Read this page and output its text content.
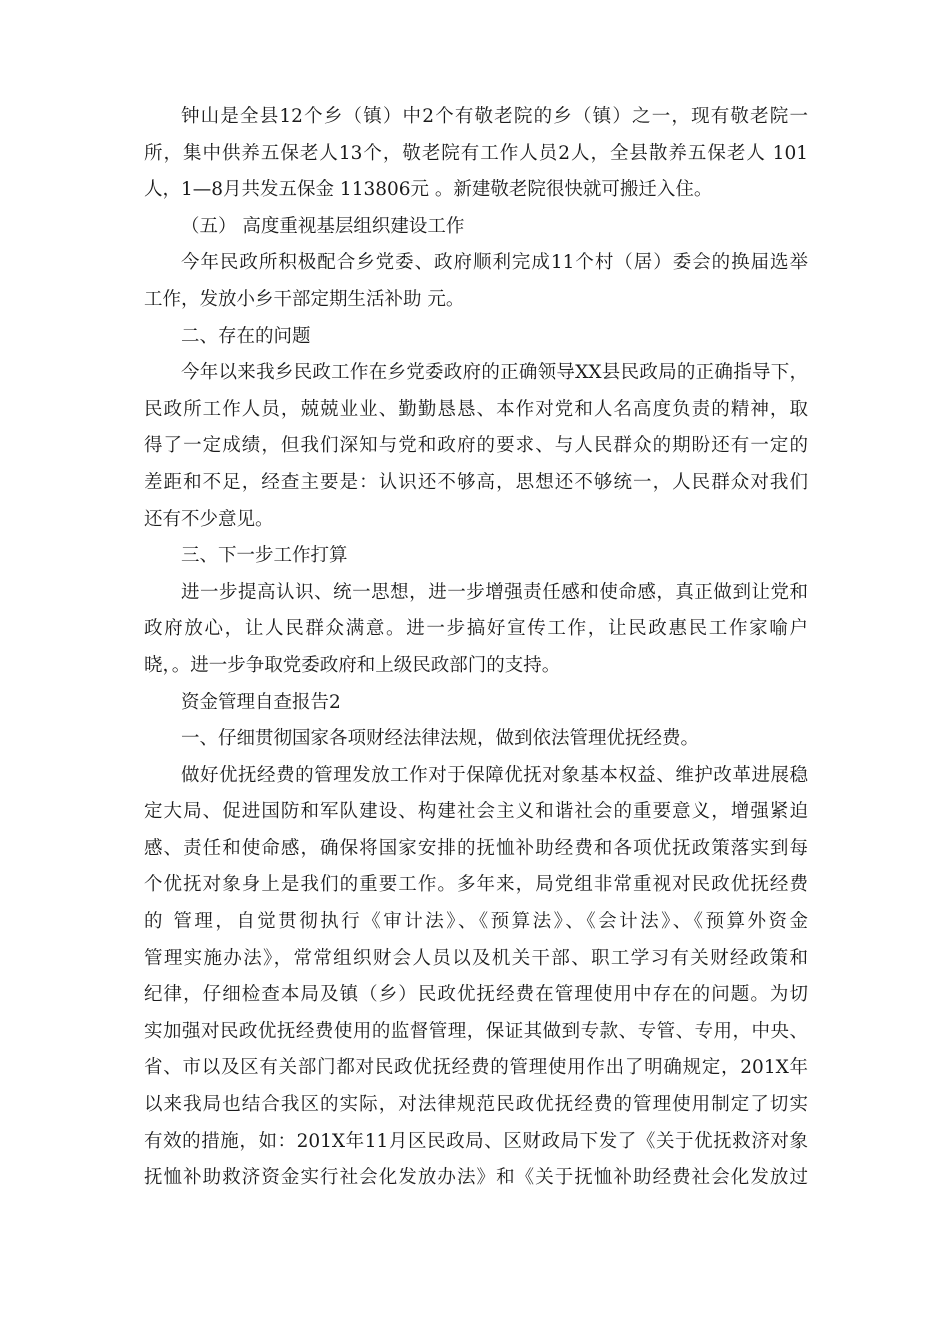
钟山是全县12个乡（镇）中2个有敬老院的乡（镇）之一，现有敬老院一
所，集中供养五保老人13个，敬老院有工作人员2人，全县散养五保老人 101
人，1—8月共发五保金 113806元 。新建敬老院很快就可搬迁入住。
（五） 高度重视基层组织建设工作
今年民政所积极配合乡党委、政府顺利完成11个村（居）委会的换届选举
工作，发放小乡干部定期生活补助 元。
二、存在的问题
今年以来我乡民政工作在乡党委政府的正确领导XX县民政局的正确指导下，
民政所工作人员，兢兢业业、勤勤恳恳、本作对党和人名高度负责的精神，取
得了一定成绩，但我们深知与党和政府的要求、与人民群众的期盼还有一定的
差距和不足，经查主要是：认识还不够高，思想还不够统一，人民群众对我们
还有不少意见。
三、下一步工作打算
进一步提高认识、统一思想，进一步增强责任感和使命感，真正做到让党和
政府放心，让人民群众满意。进一步搞好宣传工作，让民政惠民工作家喻户
晓，。进一步争取党委政府和上级民政部门的支持。
资金管理自查报告2
一、仔细贯彻国家各项财经法律法规，做到依法管理优抚经费。
做好优抚经费的管理发放工作对于保障优抚对象基本权益、维护改革进展稳
定大局、促进国防和军队建设、构建社会主义和谐社会的重要意义，增强紧迫
感、责任和使命感，确保将国家安排的抚恤补助经费和各项优抚政策落实到每
个优抚对象身上是我们的重要工作。多年来，局党组非常重视对民政优抚经费
的 管理，自觉贯彻执行《审计法》、《预算法》、《会计法》、《预算外资金
管理实施办法》，常常组织财会人员以及机关干部、职工学习有关财经政策和
纪律，仔细检查本局及镇（乡）民政优抚经费在管理使用中存在的问题。为切
实加强对民政优抚经费使用的监督管理，保证其做到专款、专管、专用，中央、
省、市以及区有关部门都对民政优抚经费的管理使用作出了明确规定，201X年
以来我局也结合我区的实际，对法律规范民政优抚经费的管理使用制定了切实
有效的措施，如：201X年11月区民政局、区财政局下发了《关于优抚救济对象
抚恤补助救济资金实行社会化发放办法》和《关于抚恤补助经费社会化发放过
